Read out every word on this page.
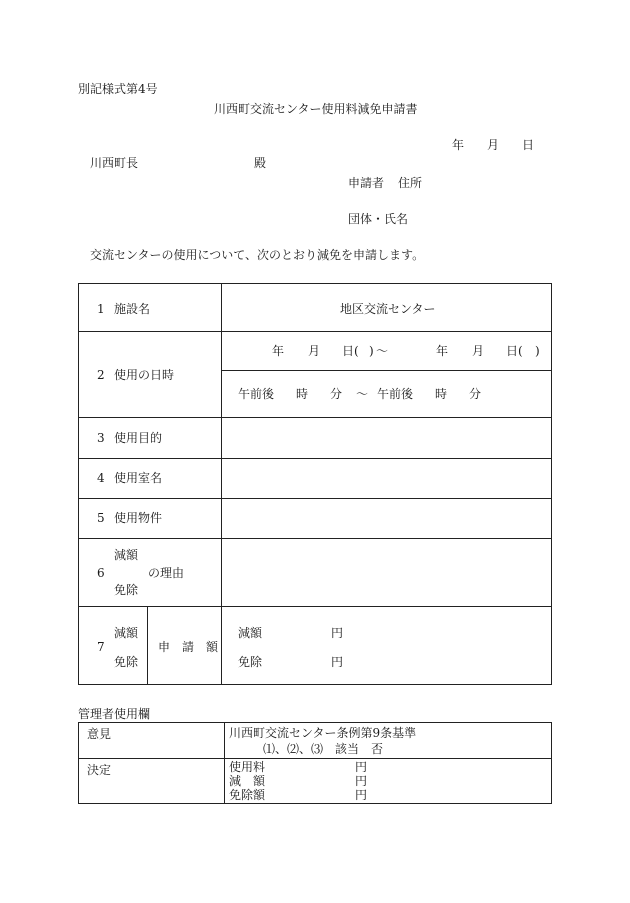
別記様式第4号
川西町交流センター使用料減免申請書
年 月 日
川西町長	殿
申請者 住所
団体・氏名
交流センターの使用について、次のとおり減免を申請します。
1 施設名	地区交流センター
2 使用の日時
年 月 日( ) 〜	年 月 日( )
午前後 時 分 〜 午前後 時 分
3 使用目的
4 使用室名
5 使用物件
減額
6	の理由
免除
減額
7
免除
申　請　額
減額	円
免除	円
管理者使用欄
意見	川西町交流センター条例第9条基準
⑴、⑵、⑶　該当　否
決定	使用料	円
減　額	円
免除額	円
